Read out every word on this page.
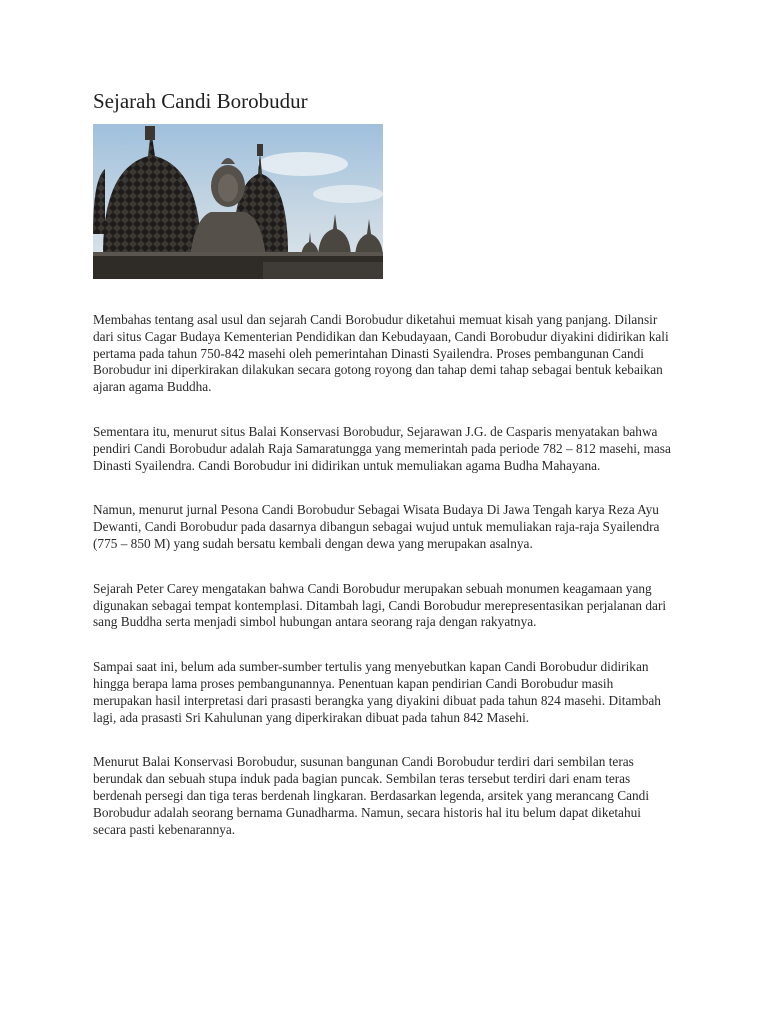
Sejarah Candi Borobudur

Membahas tentang asal usul dan sejarah Candi Borobudur diketahui memuat kisah yang panjang. Dilansir dari situs Cagar Budaya Kementerian Pendidikan dan Kebudayaan, Candi Borobudur diyakini didirikan kali pertama pada tahun 750-842 masehi oleh pemerintahan Dinasti Syailendra. Proses pembangunan Candi Borobudur ini diperkirakan dilakukan secara gotong royong dan tahap demi tahap sebagai bentuk kebaikan ajaran agama Buddha.

Sementara itu, menurut situs Balai Konservasi Borobudur, Sejarawan J.G. de Casparis menyatakan bahwa pendiri Candi Borobudur adalah Raja Samaratungga yang memerintah pada periode 782 – 812 masehi, masa Dinasti Syailendra. Candi Borobudur ini didirikan untuk memuliakan agama Budha Mahayana.

Namun, menurut jurnal Pesona Candi Borobudur Sebagai Wisata Budaya Di Jawa Tengah karya Reza Ayu Dewanti, Candi Borobudur pada dasarnya dibangun sebagai wujud untuk memuliakan raja-raja Syailendra (775 – 850 M) yang sudah bersatu kembali dengan dewa yang merupakan asalnya.

Sejarah Peter Carey mengatakan bahwa Candi Borobudur merupakan sebuah monumen keagamaan yang digunakan sebagai tempat kontemplasi. Ditambah lagi, Candi Borobudur merepresentasikan perjalanan dari sang Buddha serta menjadi simbol hubungan antara seorang raja dengan rakyatnya.

Sampai saat ini, belum ada sumber-sumber tertulis yang menyebutkan kapan Candi Borobudur didirikan hingga berapa lama proses pembangunannya. Penentuan kapan pendirian Candi Borobudur masih merupakan hasil interpretasi dari prasasti berangka yang diyakini dibuat pada tahun 824 masehi. Ditambah lagi, ada prasasti Sri Kahulunan yang diperkirakan dibuat pada tahun 842 Masehi.

Menurut Balai Konservasi Borobudur, susunan bangunan Candi Borobudur terdiri dari sembilan teras berundak dan sebuah stupa induk pada bagian puncak. Sembilan teras tersebut terdiri dari enam teras berdenah persegi dan tiga teras berdenah lingkaran. Berdasarkan legenda, arsitek yang merancang Candi Borobudur adalah seorang bernama Gunadharma. Namun, secara historis hal itu belum dapat diketahui secara pasti kebenarannya.
